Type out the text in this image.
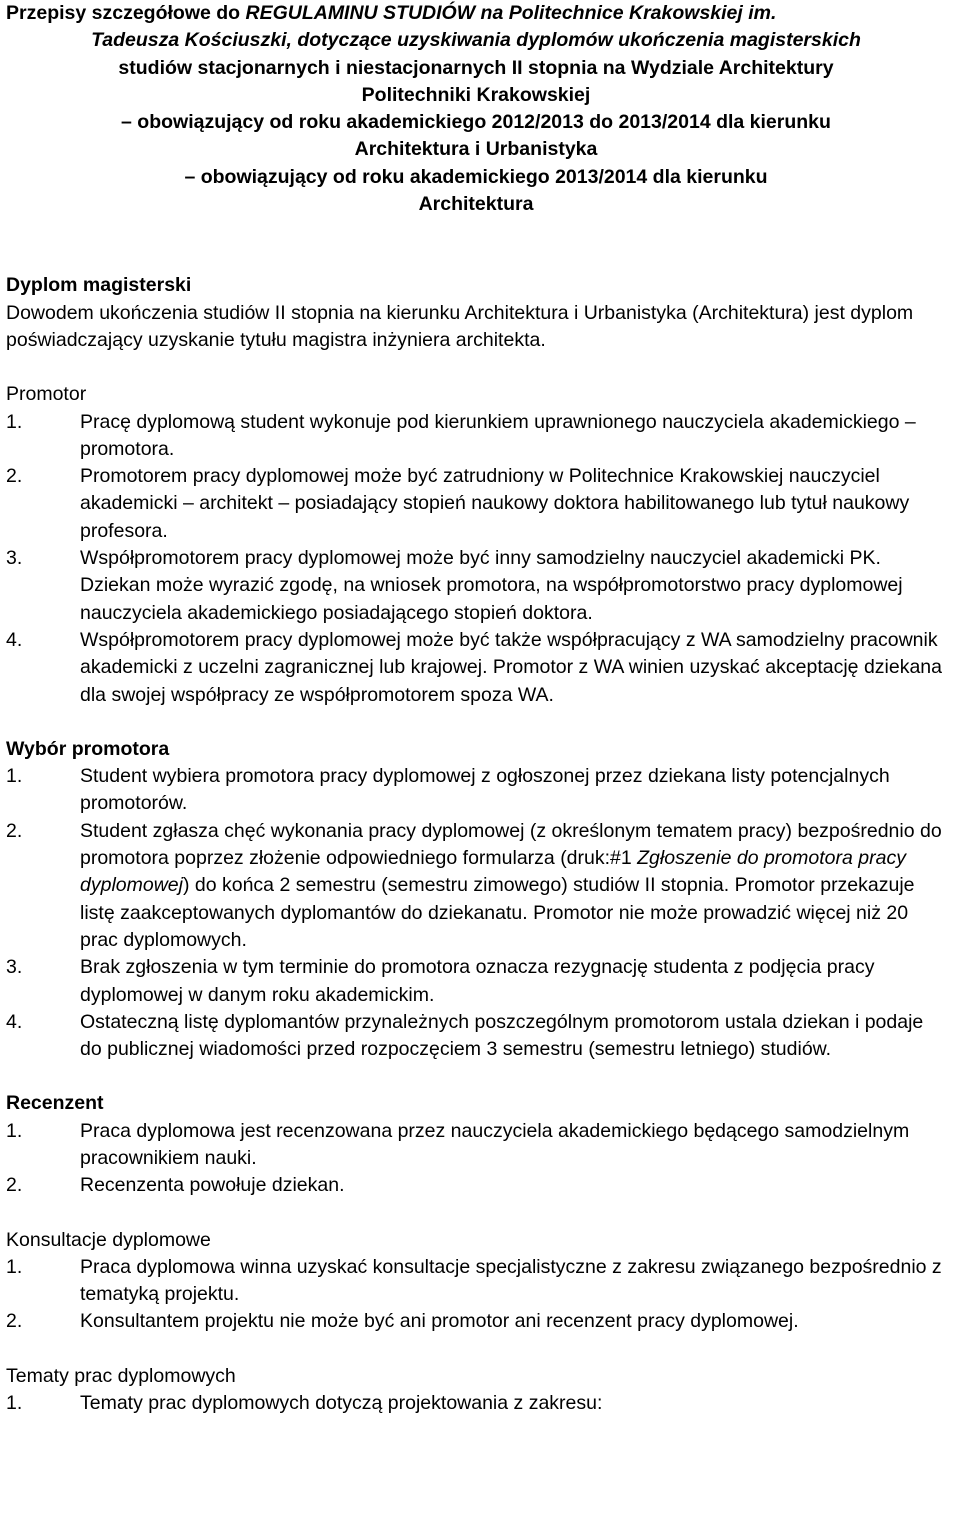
Przepisy szczegółowe do REGULAMINU STUDIÓW na Politechnice Krakowskiej im.
Tadeusza Kościuszki, dotyczące uzyskiwania dyplomów ukończenia magisterskich
studiów stacjonarnych i niestacjonarnych II stopnia na Wydziale Architektury
Politechniki Krakowskiej
– obowiązujący od roku akademickiego 2012/2013 do 2013/2014 dla kierunku
Architektura i Urbanistyka
– obowiązujący od roku akademickiego 2013/2014 dla kierunku
Architektura

Dyplom magisterski

Dowodem ukończenia studiów II stopnia na kierunku Architektura i Urbanistyka (Architektura) jest dyplom poświadczający uzyskanie tytułu magistra inżyniera architekta.

Promotor

1.	Pracę dyplomową student wykonuje pod kierunkiem uprawnionego nauczyciela akademickiego – promotora.
2.	Promotorem pracy dyplomowej może być zatrudniony w Politechnice Krakowskiej nauczyciel akademicki – architekt – posiadający stopień naukowy doktora habilitowanego lub tytuł naukowy profesora.
3.	Współpromotorem pracy dyplomowej może być inny samodzielny nauczyciel akademicki PK. Dziekan może wyrazić zgodę, na wniosek promotora, na współpromotorstwo pracy dyplomowej nauczyciela akademickiego posiadającego stopień doktora.
4.	Współpromotorem pracy dyplomowej może być także współpracujący z WA samodzielny pracownik akademicki z uczelni zagranicznej lub krajowej. Promotor z WA winien uzyskać akceptację dziekana dla swojej współpracy ze współpromotorem spoza WA.

Wybór promotora

1.	Student wybiera promotora pracy dyplomowej z ogłoszonej przez dziekana listy potencjalnych promotorów.
2.	Student zgłasza chęć wykonania pracy dyplomowej (z określonym tematem pracy) bezpośrednio do promotora poprzez złożenie odpowiedniego formularza (druk:#1 Zgłoszenie do promotora pracy dyplomowej) do końca 2 semestru (semestru zimowego) studiów II stopnia. Promotor przekazuje listę zaakceptowanych dyplomantów do dziekanatu. Promotor nie może prowadzić więcej niż 20 prac dyplomowych.
3.	Brak zgłoszenia w tym terminie do promotora oznacza rezygnację studenta z podjęcia pracy dyplomowej w danym roku akademickim.
4.	Ostateczną listę dyplomantów przynależnych poszczególnym promotorom ustala dziekan i podaje do publicznej wiadomości przed rozpoczęciem 3 semestru (semestru letniego) studiów.

Recenzent

1.	Praca dyplomowa jest recenzowana przez nauczyciela akademickiego będącego samodzielnym pracownikiem nauki.
2.	Recenzenta powołuje dziekan.

Konsultacje dyplomowe

1.	Praca dyplomowa winna uzyskać konsultacje specjalistyczne z zakresu związanego bezpośrednio z tematyką projektu.
2.	Konsultantem projektu nie może być ani promotor ani recenzent pracy dyplomowej.

Tematy prac dyplomowych

1.	Tematy prac dyplomowych dotyczą projektowania z zakresu:
